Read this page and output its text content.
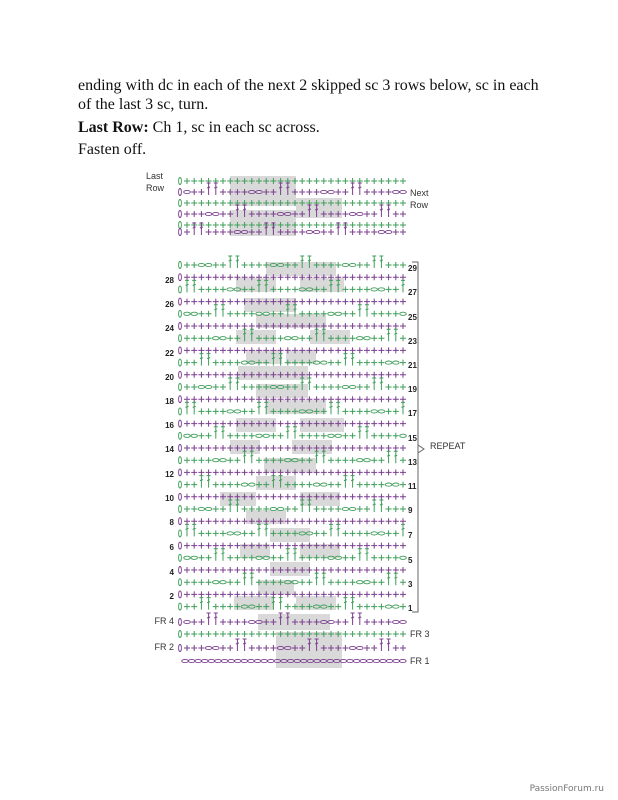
ending with dc in each of the next 2 skipped sc 3 rows below, sc in each of the last 3 sc, turn.
Last Row: Ch 1, sc in each sc across.
Fasten off.
Last
Row	Next
Row
REPEAT
28
26
24
22
20
18
16
14
12
10
8
6
4
2
29
27
25
23
21
19
17
15
13
11
9
7
5
3
1
FR 4
FR 2
FR 3
FR 1
PassionForum.ru
